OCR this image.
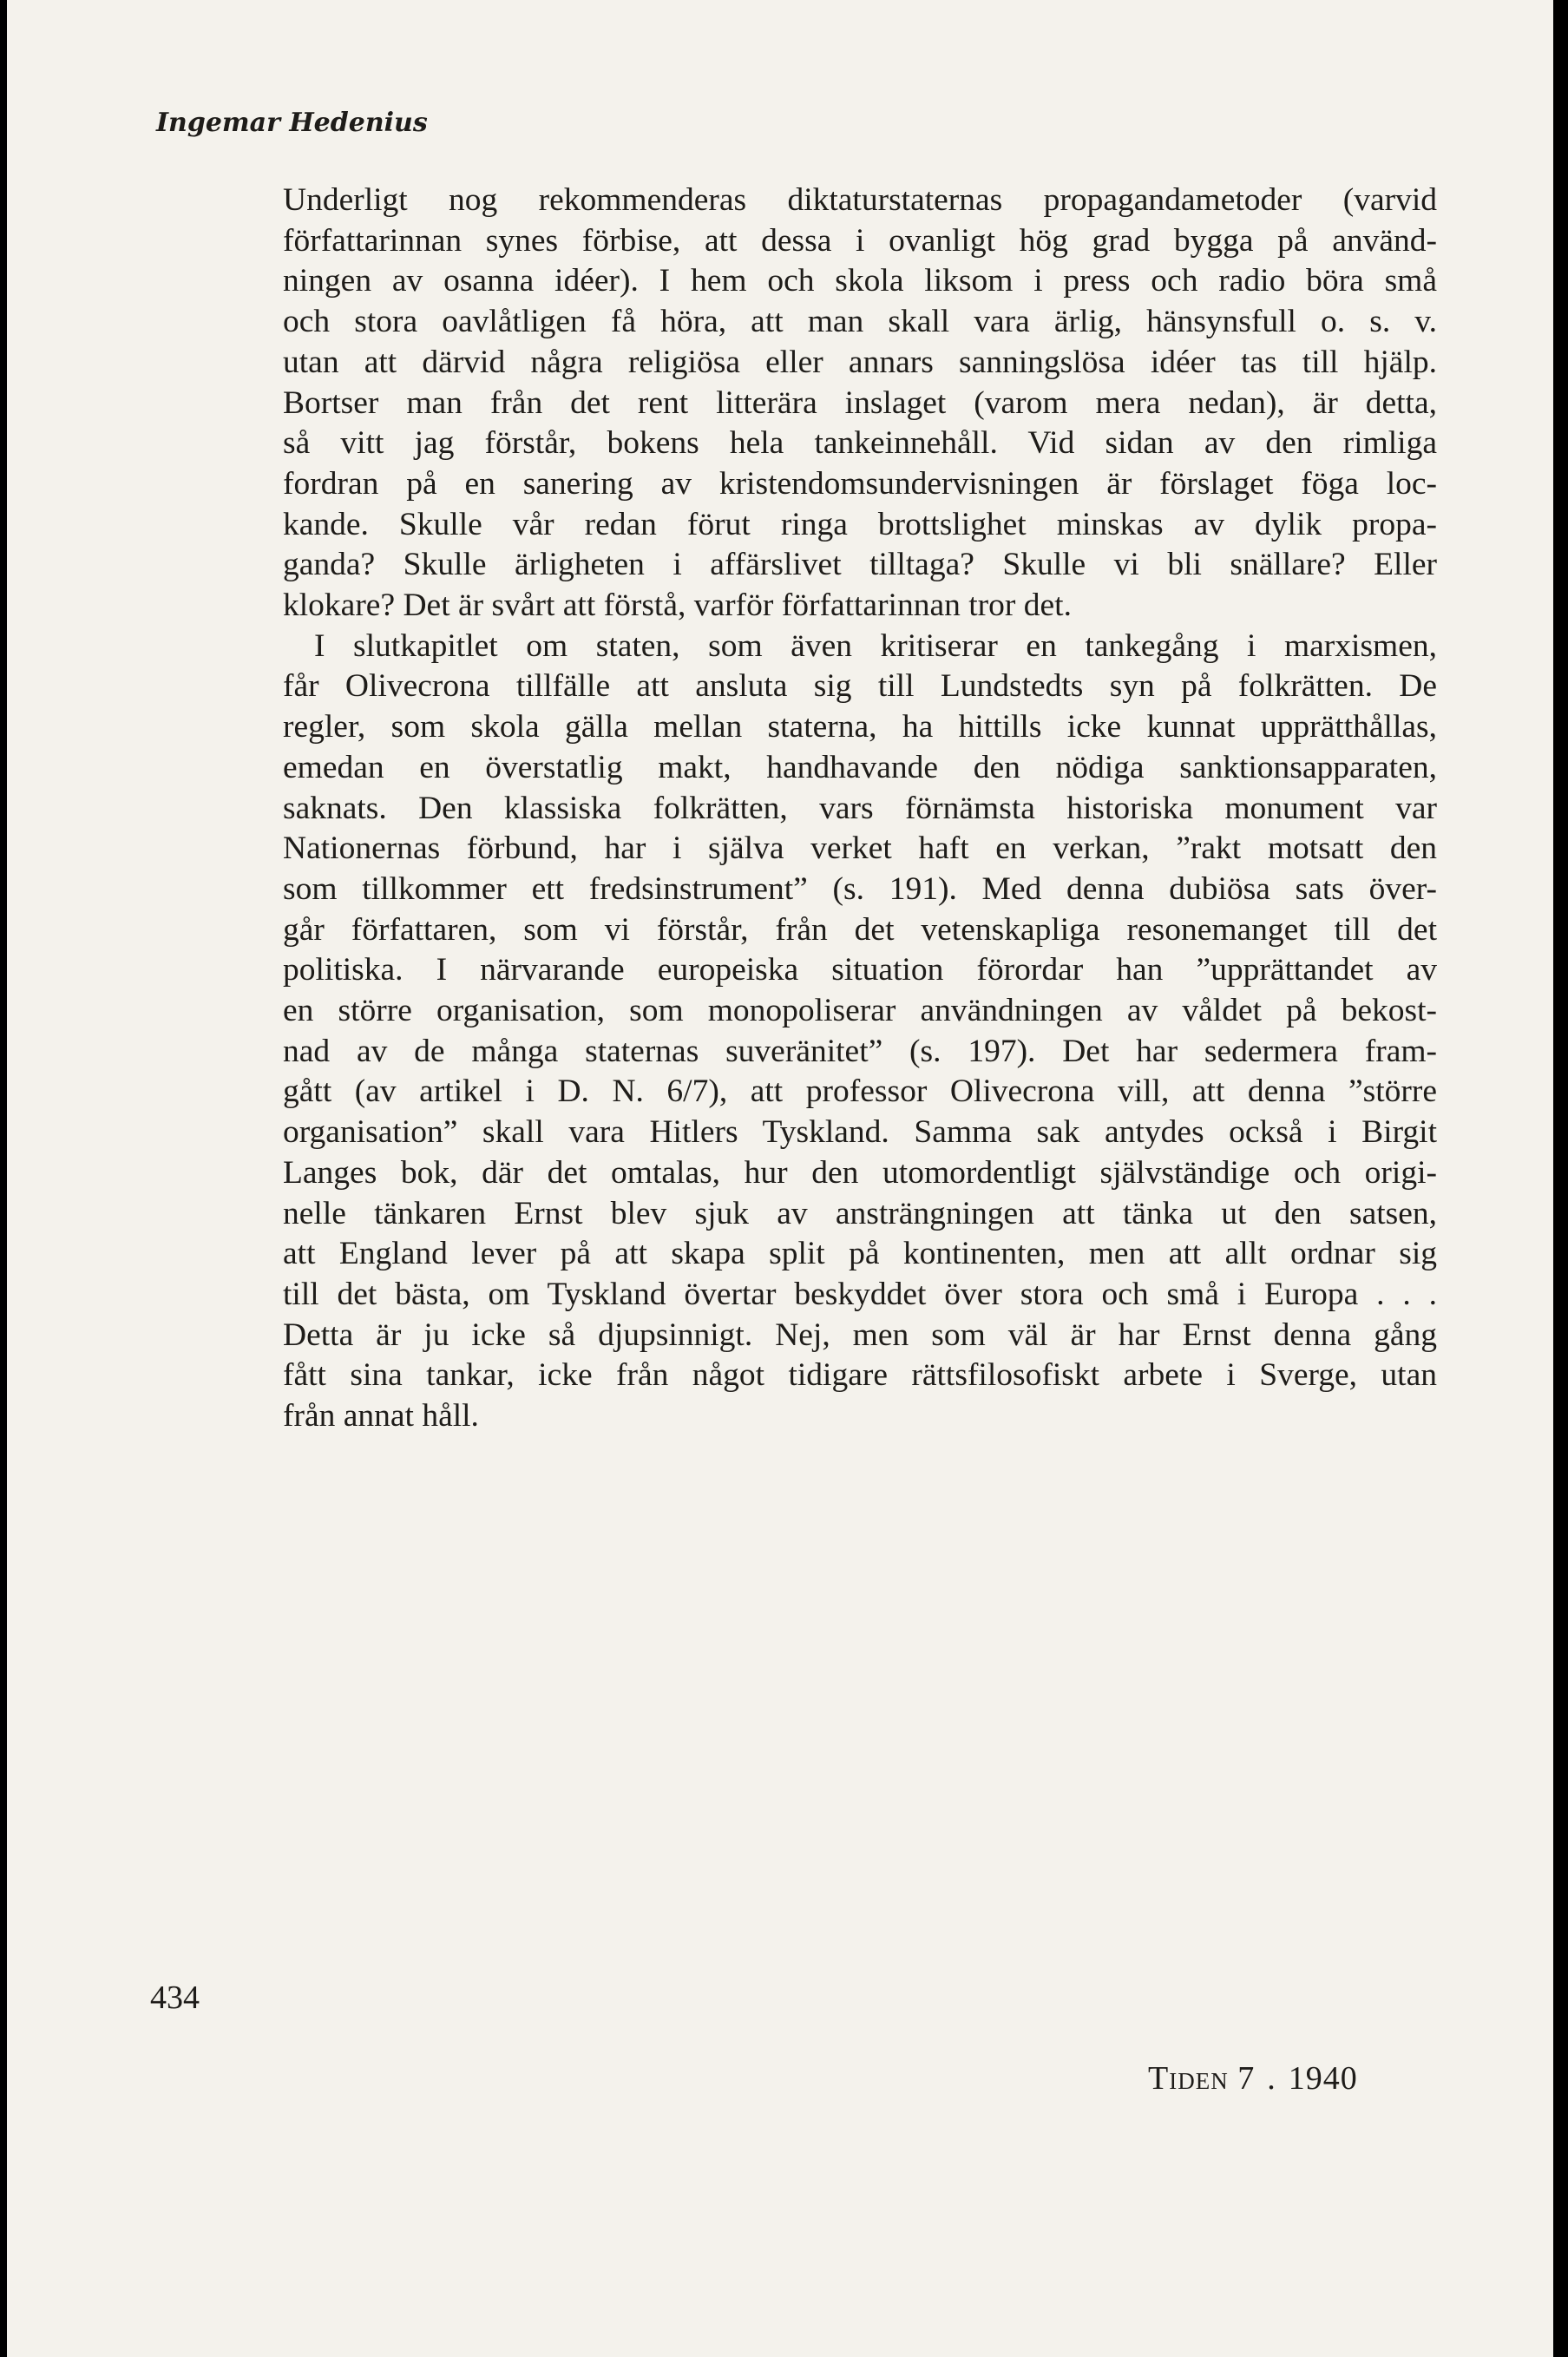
Ingemar Hedenius

Underligt nog rekommenderas diktaturstaternas propagandametoder (varvid
författarinnan synes förbise, att dessa i ovanligt hög grad bygga på använd-
ningen av osanna idéer). I hem och skola liksom i press och radio böra små
och stora oavlåtligen få höra, att man skall vara ärlig, hänsynsfull o. s. v.
utan att därvid några religiösa eller annars sanningslösa idéer tas till hjälp.
Bortser man från det rent litterära inslaget (varom mera nedan), är detta,
så vitt jag förstår, bokens hela tankeinnehåll. Vid sidan av den rimliga
fordran på en sanering av kristendomsundervisningen är förslaget föga loc-
kande. Skulle vår redan förut ringa brottslighet minskas av dylik propa-
ganda? Skulle ärligheten i affärslivet tilltaga? Skulle vi bli snällare? Eller
klokare? Det är svårt att förstå, varför författarinnan tror det.
I slutkapitlet om staten, som även kritiserar en tankegång i marxismen,
får Olivecrona tillfälle att ansluta sig till Lundstedts syn på folkrätten. De
regler, som skola gälla mellan staterna, ha hittills icke kunnat upprätthållas,
emedan en överstatlig makt, handhavande den nödiga sanktionsapparaten,
saknats. Den klassiska folkrätten, vars förnämsta historiska monument var
Nationernas förbund, har i själva verket haft en verkan, ”rakt motsatt den
som tillkommer ett fredsinstrument” (s. 191). Med denna dubiösa sats över-
går författaren, som vi förstår, från det vetenskapliga resonemanget till det
politiska. I närvarande europeiska situation förordar han ”upprättandet av
en större organisation, som monopoliserar användningen av våldet på bekost-
nad av de många staternas suveränitet” (s. 197). Det har sedermera fram-
gått (av artikel i D. N. 6/7), att professor Olivecrona vill, att denna ”större
organisation” skall vara Hitlers Tyskland. Samma sak antydes också i Birgit
Langes bok, där det omtalas, hur den utomordentligt självständige och origi-
nelle tänkaren Ernst blev sjuk av ansträngningen att tänka ut den satsen,
att England lever på att skapa split på kontinenten, men att allt ordnar sig
till det bästa, om Tyskland övertar beskyddet över stora och små i Europa . . .
Detta är ju icke så djupsinnigt. Nej, men som väl är har Ernst denna gång
fått sina tankar, icke från något tidigare rättsfilosofiskt arbete i Sverge, utan
från annat håll.

434

Tiden 7 . 1940
